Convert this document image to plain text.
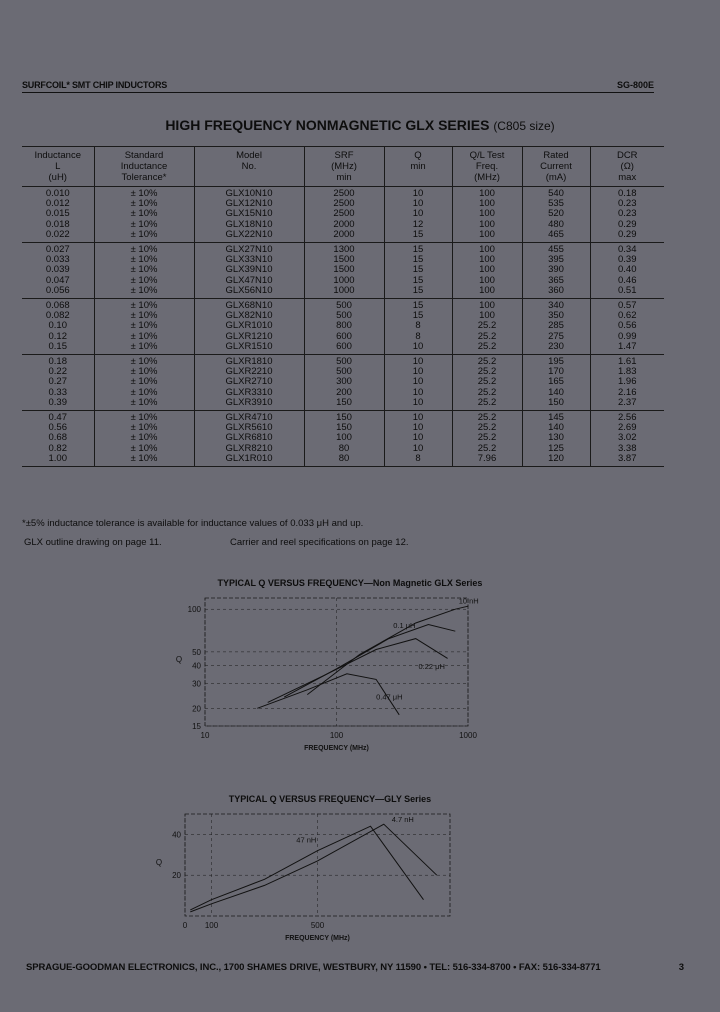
SURFCOIL* SMT CHIP INDUCTORS	SG-800E
HIGH FREQUENCY NONMAGNETIC GLX SERIES (C805 size)
Inductance
L
(uH)	Standard
Inductance
Tolerance*	Model
No.	SRF
(MHz)
min	Q
min	Q/L Test
Freq.
(MHz)	Rated
Current
(mA)	DCR
(Ω)
max
0.010	± 10%	GLX10N10	2500	10	100	540	0.18
0.012	± 10%	GLX12N10	2500	10	100	535	0.23
0.015	± 10%	GLX15N10	2500	10	100	520	0.23
0.018	± 10%	GLX18N10	2000	12	100	480	0.29
0.022	± 10%	GLX22N10	2000	15	100	465	0.29
0.027	± 10%	GLX27N10	1300	15	100	455	0.34
0.033	± 10%	GLX33N10	1500	15	100	395	0.39
0.039	± 10%	GLX39N10	1500	15	100	390	0.40
0.047	± 10%	GLX47N10	1000	15	100	365	0.46
0.056	± 10%	GLX56N10	1000	15	100	360	0.51
0.068	± 10%	GLX68N10	500	15	100	340	0.57
0.082	± 10%	GLX82N10	500	15	100	350	0.62
0.10	± 10%	GLXR1010	800	8	25.2	285	0.56
0.12	± 10%	GLXR1210	600	8	25.2	275	0.99
0.15	± 10%	GLXR1510	600	10	25.2	230	1.47
0.18	± 10%	GLXR1810	500	10	25.2	195	1.61
0.22	± 10%	GLXR2210	500	10	25.2	170	1.83
0.27	± 10%	GLXR2710	300	10	25.2	165	1.96
0.33	± 10%	GLXR3310	200	10	25.2	140	2.16
0.39	± 10%	GLXR3910	150	10	25.2	150	2.37
0.47	± 10%	GLXR4710	150	10	25.2	145	2.56
0.56	± 10%	GLXR5610	150	10	25.2	140	2.69
0.68	± 10%	GLXR6810	100	10	25.2	130	3.02
0.82	± 10%	GLXR8210	80	10	25.2	125	3.38
1.00	± 10%	GLX1R010	80	8	7.96	120	3.87
*±5% inductance tolerance is available for inductance values of 0.033 μH and up.
GLX outline drawing on page 11.	Carrier and reel specifications on page 12.
TYPICAL Q VERSUS FREQUENCY—Non Magnetic GLX Series
10	100	1000
15
20
30
40
50
100
Q
FREQUENCY (MHz)
10 nH
0.1 μH
0.22 μH
0.47 μH
TYPICAL Q VERSUS FREQUENCY—GLY Series
0 100	500
20
40
Q
FREQUENCY (MHz)
47 nH
4.7 nH
SPRAGUE-GOODMAN ELECTRONICS, INC., 1700 SHAMES DRIVE, WESTBURY, NY 11590 • TEL: 516-334-8700 • FAX: 516-334-8771	3
